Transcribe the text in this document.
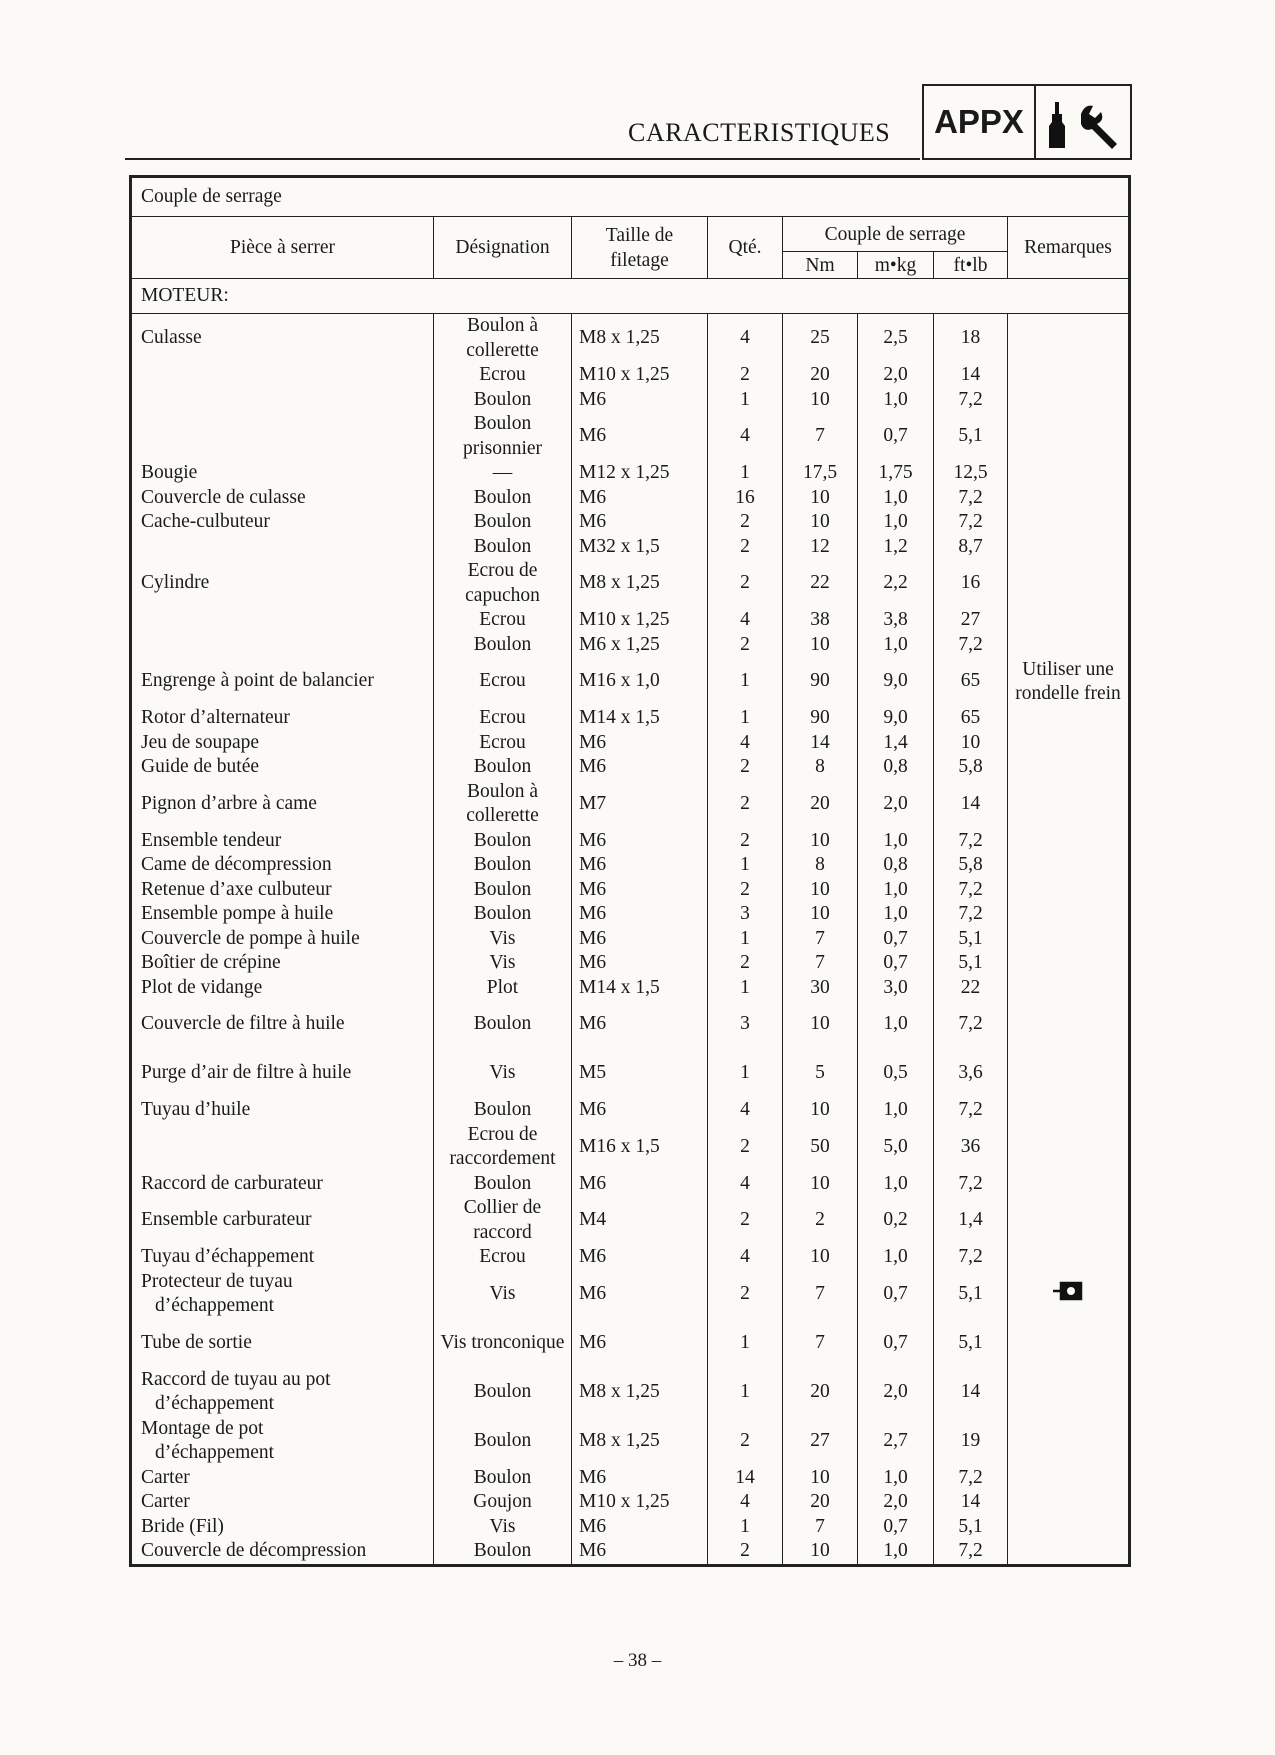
CARACTERISTIQUES	APPX
Couple de serrage							
Pièce à serrer	Désignation	Taille de filetage	Qté.	Couple de serrage			Remarques
				Nm	m•kg	ft•lb	
MOTEUR:							
Culasse	Boulon à collerette	M8 x 1,25	4	25	2,5	18	
	Ecrou	M10 x 1,25	2	20	2,0	14	
	Boulon	M6	1	10	1,0	7,2	
	Boulon prisonnier	M6	4	7	0,7	5,1	
Bougie	—	M12 x 1,25	1	17,5	1,75	12,5	
Couvercle de culasse	Boulon	M6	16	10	1,0	7,2	
Cache-culbuteur	Boulon	M6	2	10	1,0	7,2	
	Boulon	M32 x 1,5	2	12	1,2	8,7	
Cylindre	Ecrou de capuchon	M8 x 1,25	2	22	2,2	16	
	Ecrou	M10 x 1,25	4	38	3,8	27	
	Boulon	M6 x 1,25	2	10	1,0	7,2	
Engrenge à point de balancier	Ecrou	M16 x 1,0	1	90	9,0	65	Utiliser une rondelle frein
Rotor d’alternateur	Ecrou	M14 x 1,5	1	90	9,0	65	
Jeu de soupape	Ecrou	M6	4	14	1,4	10	
Guide de butée	Boulon	M6	2	8	0,8	5,8	
Pignon d’arbre à came	Boulon à collerette	M7	2	20	2,0	14	
Ensemble tendeur	Boulon	M6	2	10	1,0	7,2	
Came de décompression	Boulon	M6	1	8	0,8	5,8	
Retenue d’axe culbuteur	Boulon	M6	2	10	1,0	7,2	
Ensemble pompe à huile	Boulon	M6	3	10	1,0	7,2	
Couvercle de pompe à huile	Vis	M6	1	7	0,7	5,1	
Boîtier de crépine	Vis	M6	2	7	0,7	5,1	
Plot de vidange	Plot	M14 x 1,5	1	30	3,0	22	
Couvercle de filtre à huile	Boulon	M6	3	10	1,0	7,2	
Purge d’air de filtre à huile	Vis	M5	1	5	0,5	3,6	
Tuyau d’huile	Boulon	M6	4	10	1,0	7,2	
	Ecrou de raccordement	M16 x 1,5	2	50	5,0	36	
Raccord de carburateur	Boulon	M6	4	10	1,0	7,2	
Ensemble carburateur	Collier de raccord	M4	2	2	0,2	1,4	
Tuyau d’échappement	Ecrou	M6	4	10	1,0	7,2	

Protecteur de tuyau
d’échappement	Vis	M6	2	7	0,7	5,1	
Tube de sortie	Vis tronconique	M6	1	7	0,7	5,1	

Raccord de tuyau au pot
d’échappement	Boulon	M8 x 1,25	1	20	2,0	14	

Montage de pot
d’échappement	Boulon	M8 x 1,25	2	27	2,7	19	
Carter	Boulon	M6	14	10	1,0	7,2	
Carter	Goujon	M10 x 1,25	4	20	2,0	14	
Bride (Fil)	Vis	M6	1	7	0,7	5,1	
Couvercle de décompression	Boulon	M6	2	10	1,0	7,2	
– 38 –
